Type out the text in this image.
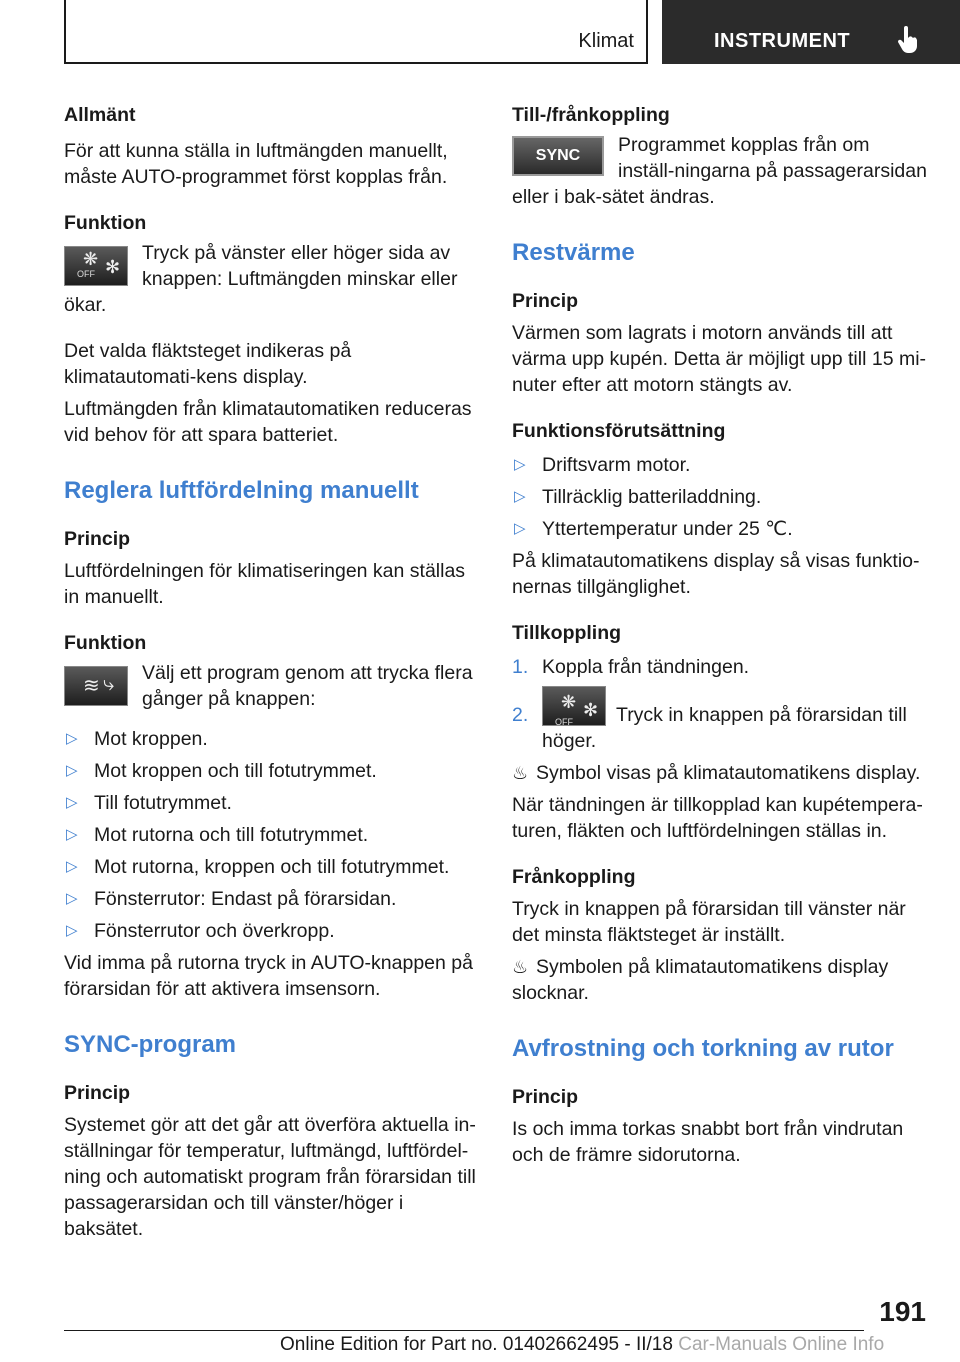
Klimat	INSTRUMENT

Allmänt

För att kunna ställa in luftmängden manuellt, måste AUTO-programmet först kopplas från.

Funktion

OFF
❋ ✻

Tryck på vänster eller höger sida av knappen: Luftmängden minskar eller ökar.

Det valda fläktsteget indikeras på klimatautomati-kens display.

Luftmängden från klimatautomatiken reduceras vid behov för att spara batteriet.

Reglera luftfördelning manuellt

Princip

Luftfördelningen för klimatiseringen kan ställas in manuellt.

Funktion

≋ ⤷	Välj ett program genom att trycka flera gånger på knappen:

▷ Mot kroppen.
▷ Mot kroppen och till fotutrymmet.
▷ Till fotutrymmet.
▷ Mot rutorna och till fotutrymmet.
▷ Mot rutorna, kroppen och till fotutrymmet.
▷ Fönsterrutor: Endast på förarsidan.
▷ Fönsterrutor och överkropp.

Vid imma på rutorna tryck in AUTO-knappen på förarsidan för att aktivera imsensorn.

SYNC-program

Princip

Systemet gör att det går att överföra aktuella in-ställningar för temperatur, luftmängd, luftfördel-ning och automatiskt program från förarsidan till passagerarsidan och till vänster/höger i baksätet.

Till-/frånkoppling

SYNC	Programmet kopplas från om inställ-ningarna på passagerarsidan eller i bak-sätet ändras.

Restvärme

Princip

Värmen som lagrats i motorn används till att värma upp kupén. Detta är möjligt upp till 15 mi-nuter efter att motorn stängts av.

Funktionsförutsättning

▷ Driftsvarm motor.
▷ Tillräcklig batteriladdning.
▷ Yttertemperatur under 25 ℃.

På klimatautomatikens display så visas funktio-nernas tillgänglighet.

Tillkoppling

1. Koppla från tändningen.
2.	OFF
❋ ✻ Tryck in knappen på förarsidan till höger.

♨ Symbol visas på klimatautomatikens display.

När tändningen är tillkopplad kan kupétempera-turen, fläkten och luftfördelningen ställas in.

Frånkoppling

Tryck in knappen på förarsidan till vänster när det minsta fläktsteget är inställt.

♨ Symbolen på klimatautomatikens display slocknar.

Avfrostning och torkning av rutor

Princip

Is och imma torkas snabbt bort från vindrutan och de främre sidorutorna.

191
Online Edition for Part no. 01402662495 - II/18 Car-Manuals Online Info
